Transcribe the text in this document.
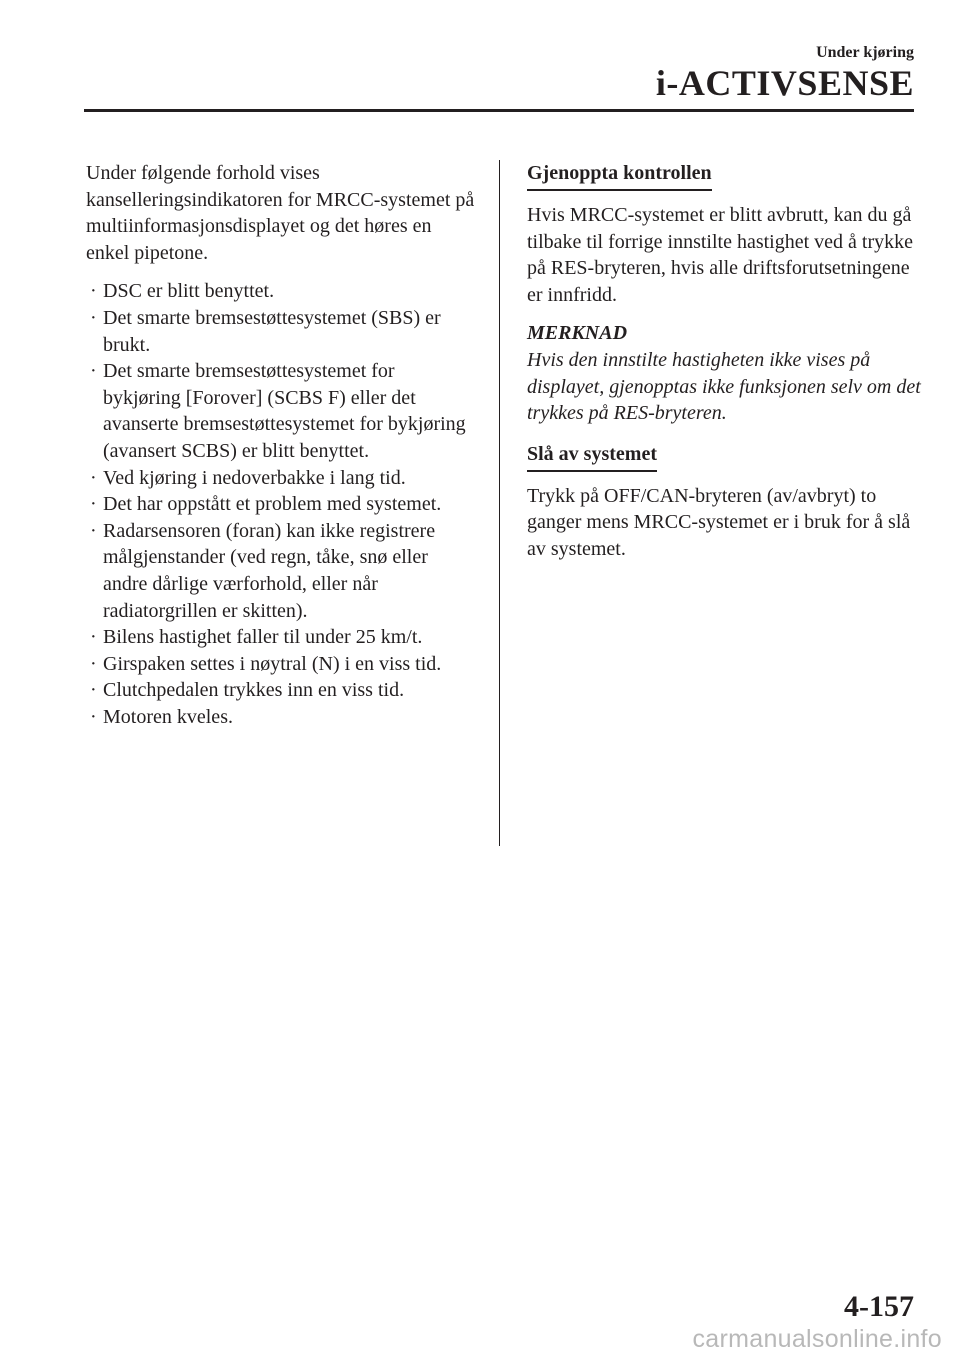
Under kjøring
i-ACTIVSENSE

Under følgende forhold vises kanselleringsindikatoren for MRCC-systemet på multiinformasjonsdisplayet og det høres en enkel pipetone.

· DSC er blitt benyttet.
· Det smarte bremsestøttesystemet (SBS) er brukt.
· Det smarte bremsestøttesystemet for bykjøring [Forover] (SCBS F) eller det avanserte bremsestøttesystemet for bykjøring (avansert SCBS) er blitt benyttet.
· Ved kjøring i nedoverbakke i lang tid.
· Det har oppstått et problem med systemet.
· Radarsensoren (foran) kan ikke registrere målgjenstander (ved regn, tåke, snø eller andre dårlige værforhold, eller når radiatorgrillen er skitten).
· Bilens hastighet faller til under 25 km/t.
· Girspaken settes i nøytral (N) i en viss tid.
· Clutchpedalen trykkes inn en viss tid.
· Motoren kveles.
Gjenoppta kontrollen

Hvis MRCC-systemet er blitt avbrutt, kan du gå tilbake til forrige innstilte hastighet ved å trykke på RES-bryteren, hvis alle driftsforutsetningene er innfridd.

MERKNAD

Hvis den innstilte hastigheten ikke vises på displayet, gjenopptas ikke funksjonen selv om det trykkes på RES-bryteren.

Slå av systemet

Trykk på OFF/CAN-bryteren (av/avbryt) to ganger mens MRCC-systemet er i bruk for å slå av systemet.

4-157
carmanualsonline.info
